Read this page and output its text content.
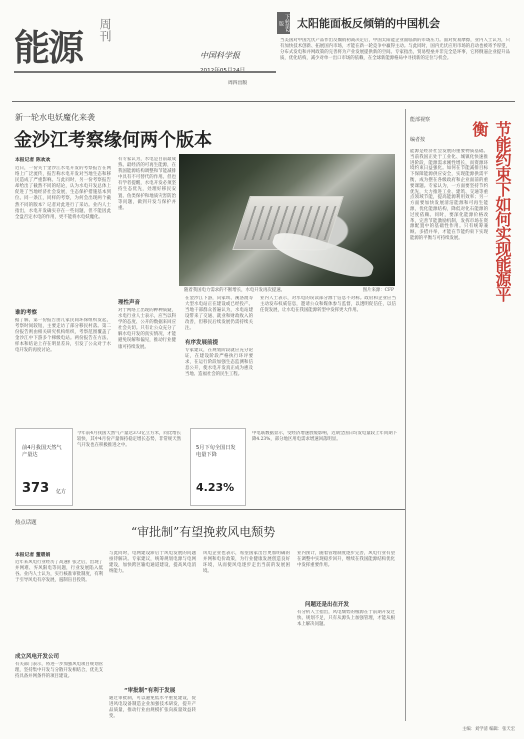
能源 周刊
中国科学报
周四出版
下转第2版	太阳能面板反倾销的中国机会
当美国对中国光伏产品作出反倾销初裁决定后，中国太阳能企业面临新的市场压力。面对贸易摩擦，业内人士认为，只有加快技术创新、拓展国内市场，才能在新一轮竞争中赢得主动。与此同时，国内光伏应用市场的启动也被寄予厚望，分布式发电和并网政策的完善将为产业发展提供新的空间。专家指出，贸易壁垒并非完全是坏事，它将倒逼企业提升品质，优化结构，减少对单一出口市场的依赖，在全球新能源格局中寻找新的定位与机会。
新一轮水电妖魔化来袭
金沙江考察缘何两个版本
本报记者 陈欢欢
近日，一份关于金沙江水电开发的考察报告在网络上广泛流传，报告称水电开发对当地生态和移民造成了严重影响。与此同时，另一份考察报告却给出了截然不同的结论，认为水电开发总体上促进了当地经济社会发展，生态保护措施基本到位。同一条江，同样的考察，为何会出现两个截然不同的版本？记者对此进行了采访。业内人士指出，水电开发确实存在一些问题，但不能因此全盘否定水电的作用，更不能将水电妖魔化。
谁的考察
据了解，第一份报告由几家民间环保组织发起，考察时间较短，主要走访了部分移民村落。第二份报告则由相关研究机构组织，考察范围覆盖了金沙江中下游多个梯级电站。两份报告在方法、样本和结论上存在明显差异，引发了公众对于水电开发的再度讨论。
有专家认为，水电是目前最成熟、最经济的可再生能源，在我国能源结构调整和节能减排中具有不可替代的作用。但也有学者提醒，水电开发必须坚持生态优先，处理好移民安置、鱼类保护和地质灾害防治等问题，做到开发与保护并重。
理性声音
对于网络上出现的种种质疑，水电行业人士表示，应当以科学的态度、公开的数据来回应社会关切。只有让公众充分了解水电开发的真实情况，才能避免误解和偏见，推动行业健康可持续发展。
随着我国电力需求的不断增长，水电开发再次提速。	图片来源：CFP
在金沙江下游，向家坝、溪洛渡等大型水电站正在建设或已经投产。当地干部群众普遍认为，水电站建设带来了交通、就业和财政收入的改善，但移民后续发展仍需持续关注。
有序发展前提
专家建议，在规划阶段就应充分论证，在建设阶段严格执行环评要求，在运行阶段加强生态监测和信息公开，使水电开发真正成为惠及当地、造福社会的民生工程。
业内人士表示，对水电的误读部分源于信息不对称。政府和企业应当主动发布权威信息，邀请公众和媒体参与监督，以透明促信任，以信任促发展，让水电在我国能源转型中发挥更大作用。
能部视察
编者按	节能约束下如何实现能源平衡
能源是经济社会发展的重要物质基础。当前我国正处于工业化、城镇化快速推进阶段，能源需求刚性增长，而资源环境约束日益强化。如何在节能减排目标下保障能源供应安全，实现能源供需平衡，成为摆在各级政府和企业面前的重要课题。专家认为，一方面要坚持节约优先，大力推进工业、建筑、交通等重点领域节能，提高能源利用效率；另一方面要加快发展清洁能源和可再生能源，优化能源结构，降低对化石能源的过度依赖。同时，要深化能源价格改革，完善节能激励机制，发挥市场在资源配置中的基础性作用。只有统筹兼顾、多措并举，才能在节能约束下实现能源的平衡与可持续发展。
主编：刘学清 编辑：张天宏
前4月我国天然气产量达
373 亿方
今年前4月我国天然气产量达373亿立方米，同比增长较快，其中4月份产量保持稳定增长态势，非常规天然气开发也在积极推进之中。	5月下旬全国日发电量下降
4.23%
中电联数据显示，受经济增速放缓影响，近期全国日均发电量较上年同期下降4.23%，部分地区用电需求增速回落明显。
热点话题
“审批制”有望挽救风电颓势
本报记者 董碧娟
近年来风电行业经历了高速扩张之后，出现了并网难、弃风限电等问题，行业发展陷入低谷。业内人士认为，实行核准审批制度，有利于引导风电有序发展，遏制盲目投资。
成立风电开发公司
有关部门表示，将进一步加强风电项目规划管理，坚持集中开发与分散开发相结合，优先支持具备并网条件的项目建设。
与此同时，电网建设滞后于风电发展的问题亟待解决。专家建议，统筹规划电源与电网建设，加快跨区输电通道建设，提高风电消纳能力。
“审批制”有利于发展
通过审批制，可以避免低水平重复建设，促进风电设备制造企业加强技术研发，提升产品质量，推动行业由规模扩张向质量效益转变。
风电企业也表示，希望国家出台更加明确的并网和电价政策，为行业健康发展创造良好环境，从而使风电逐步走出当前的发展困境。
业内预计，随着管理制度逐步完善，风电行业有望在调整中实现稳步回升，继续在我国能源结构优化中发挥重要作用。
问题还是出在开发
有分析人士指出，风电颓势的根源在于前期开发过快、规划不足，只有从源头上加强管理，才能从根本上解决问题。
